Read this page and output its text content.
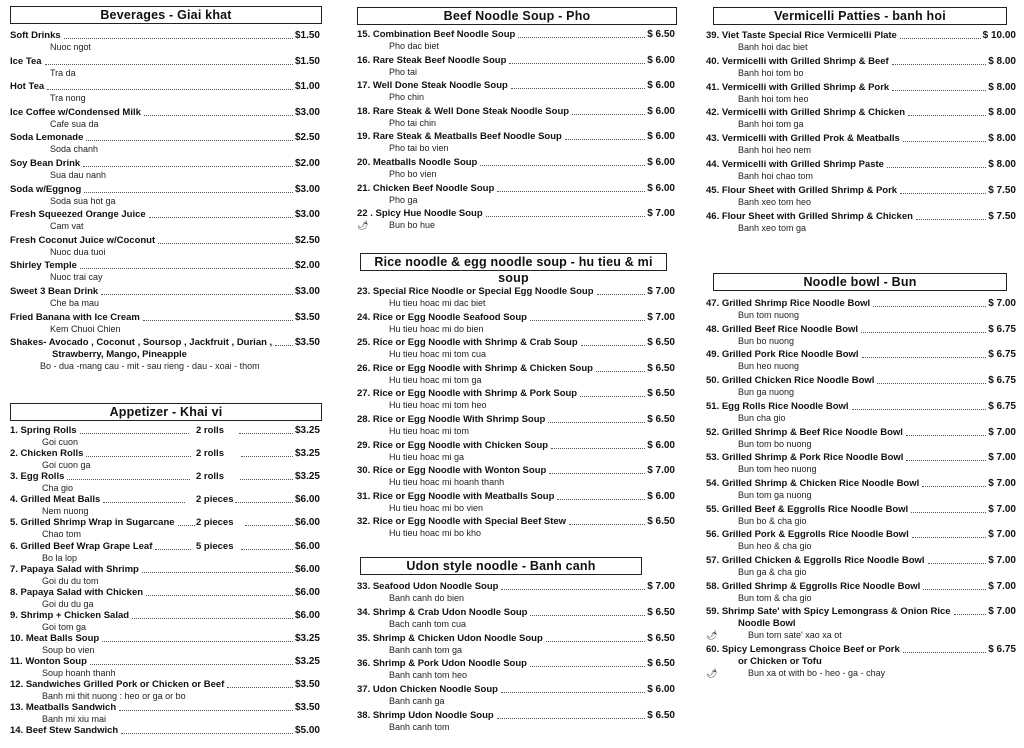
Beverages - Giai khat
Soft Drinks	$1.50
Nuoc ngot
Ice Tea	$1.50
Tra da
Hot Tea	$1.00
Tra nong
Ice Coffee w/Condensed Milk	$3.00
Cafe sua da
Soda Lemonade	$2.50
Soda chanh
Soy Bean Drink	$2.00
Sua dau nanh
Soda w/Eggnog	$3.00
Soda sua hot ga
Fresh Squeezed Orange Juice	$3.00
Cam vat
Fresh Coconut Juice w/Coconut	$2.50
Nuoc dua tuoi
Shirley Temple	$2.00
Nuoc trai cay
Sweet 3 Bean Drink	$3.00
Che ba mau
Fried Banana with Ice Cream	$3.50
Kem Chuoi Chien
Shakes- Avocado , Coconut , Soursop , Jackfruit , Durian , $3.50
Strawberry, Mango, Pineapple
Bo - dua -mang cau - mit - sau rieng - dau - xoai - thom
Appetizer - Khai vi
1. Spring Rolls	2 rolls	$3.25
Goi cuon
2. Chicken Rolls	2 rolls	$3.25
Goi cuon ga
3. Egg Rolls	2 rolls	$3.25
Cha gio
4. Grilled Meat Balls	2 pieces	$6.00
Nem nuong
5. Grilled Shrimp Wrap in Sugarcane 2 pieces	$6.00
Chao tom
6. Grilled Beef Wrap Grape Leaf	5 pieces	$6.00
Bo la lop
7. Papaya Salad with Shrimp	$6.00
Goi du du tom
8. Papaya Salad with Chicken	$6.00
Goi du du ga
9. Shrimp + Chicken Salad	$6.00
Goi tom ga
10. Meat Balls Soup	$3.25
Soup bo vien
11. Wonton Soup	$3.25
Soup hoanh thanh
12. Sandwiches Grilled Pork or Chicken or Beef	$3.50
Banh mi thit nuong : heo or ga or bo
13. Meatballs Sandwich	$3.50
Banh mi xiu mai
14. Beef Stew Sandwich	$5.00
Beef Noodle Soup - Pho
15. Combination Beef Noodle Soup	$ 6.50
Pho dac biet
16. Rare Steak Beef Noodle Soup	$ 6.00
Pho tai
17. Well Done Steak Noodle Soup	$ 6.00
Pho chin
18. Rare Steak & Well Done Steak Noodle Soup	$ 6.00
Pho tai chin
19. Rare Steak & Meatballs Beef Noodle Soup	$ 6.00
Pho tai bo vien
20. Meatballs Noodle Soup	$ 6.00
Pho bo vien
21. Chicken Beef Noodle Soup	$ 6.00
Pho ga
22 . Spicy Hue Noodle Soup	$ 7.00
Bun bo hue
🌶
Rice noodle & egg noodle soup - hu tieu & mi soup
23. Special Rice Noodle or Special Egg Noodle Soup	$ 7.00
Hu tieu hoac mi dac biet
24. Rice or Egg Noodle Seafood Soup	$ 7.00
Hu tieu hoac mi do bien
25. Rice or Egg Noodle with Shrimp & Crab Soup	$ 6.50
Hu tieu hoac mi tom cua
26. Rice or Egg Noodle with Shrimp & Chicken Soup	$ 6.50
Hu tieu hoac mi tom ga
27. Rice or Egg Noodle with Shrimp & Pork Soup	$ 6.50
Hu tieu hoac mi tom heo
28. Rice or Egg Noodle With Shrimp Soup	$ 6.50
Hu tieu hoac mi tom
29. Rice or Egg Noodle with Chicken Soup	$ 6.00
Hu tieu hoac mi ga
30. Rice or Egg Noodle with Wonton Soup	$ 7.00
Hu tieu hoac mi hoanh thanh
31. Rice or Egg Noodle with Meatballs Soup	$ 6.00
Hu tieu hoac mi bo vien
32. Rice or Egg Noodle with Special Beef Stew	$ 6.50
Hu tieu hoac mi bo kho
Udon style noodle - Banh canh
33. Seafood Udon Noodle Soup	$ 7.00
Banh canh do bien
34. Shrimp & Crab Udon Noodle Soup	$ 6.50
Bach canh tom cua
35. Shrimp & Chicken Udon Noodle Soup	$ 6.50
Banh canh tom ga
36. Shrimp & Pork Udon Noodle Soup	$ 6.50
Banh canh tom heo
37. Udon Chicken Noodle Soup	$ 6.00
Banh canh ga
38. Shrimp Udon Noodle Soup	$ 6.50
Banh canh tom
Vermicelli Patties - banh hoi
39. Viet Taste Special Rice Vermicelli Plate	$ 10.00
Banh hoi dac biet
40. Vermicelli with Grilled Shrimp & Beef	$ 8.00
Banh hoi tom bo
41. Vermicelli with Grilled Shrimp & Pork	$ 8.00
Banh hoi tom heo
42. Vermicelli with Grilled Shrimp & Chicken	$ 8.00
Banh hoi tom ga
43. Vermicelli with Grilled Prok & Meatballs	$ 8.00
Banh hoi heo nem
44. Vermicelli with Grilled Shrimp Paste	$ 8.00
Banh hoi chao tom
45. Flour Sheet with Grilled Shrimp & Pork	$ 7.50
Banh xeo tom heo
46. Flour Sheet with Grilled Shrimp & Chicken	$ 7.50
Banh xeo tom ga
Noodle bowl - Bun
47. Grilled Shrimp Rice Noodle Bowl	$ 7.00
Bun tom nuong
48. Grilled Beef Rice Noodle Bowl	$ 6.75
Bun bo nuong
49. Grilled Pork Rice Noodle Bowl	$ 6.75
Bun heo nuong
50. Grilled Chicken Rice Noodle Bowl	$ 6.75
Bun ga nuong
51. Egg Rolls Rice Noodle Bowl	$ 6.75
Bun cha gio
52. Grilled Shrimp & Beef Rice Noodle Bowl	$ 7.00
Bun tom bo nuong
53. Grilled Shrimp & Pork Rice Noodle Bowl	$ 7.00
Bun tom heo nuong
54. Grilled Shrimp & Chicken Rice Noodle Bowl	$ 7.00
Bun tom ga nuong
55. Grilled Beef & Eggrolls Rice Noodle Bowl	$ 7.00
Bun bo & cha gio
56. Grilled Pork & Eggrolls Rice Noodle Bowl	$ 7.00
Bun heo & cha gio
57. Grilled Chicken & Eggrolls Rice Noodle Bowl	$ 7.00
Bun ga & cha gio
58. Grilled Shrimp & Eggrolls Rice Noodle Bowl	$ 7.00
Bun tom & cha gio
59. Shrimp Sate' with Spicy Lemongrass & Onion Rice	$ 7.00
Noodle Bowl
Bun tom sate' xao xa ot
🌶
60. Spicy Lemongrass Choice Beef or Pork	$ 6.75
or Chicken or Tofu
Bun xa ot with bo - heo - ga - chay
🌶
